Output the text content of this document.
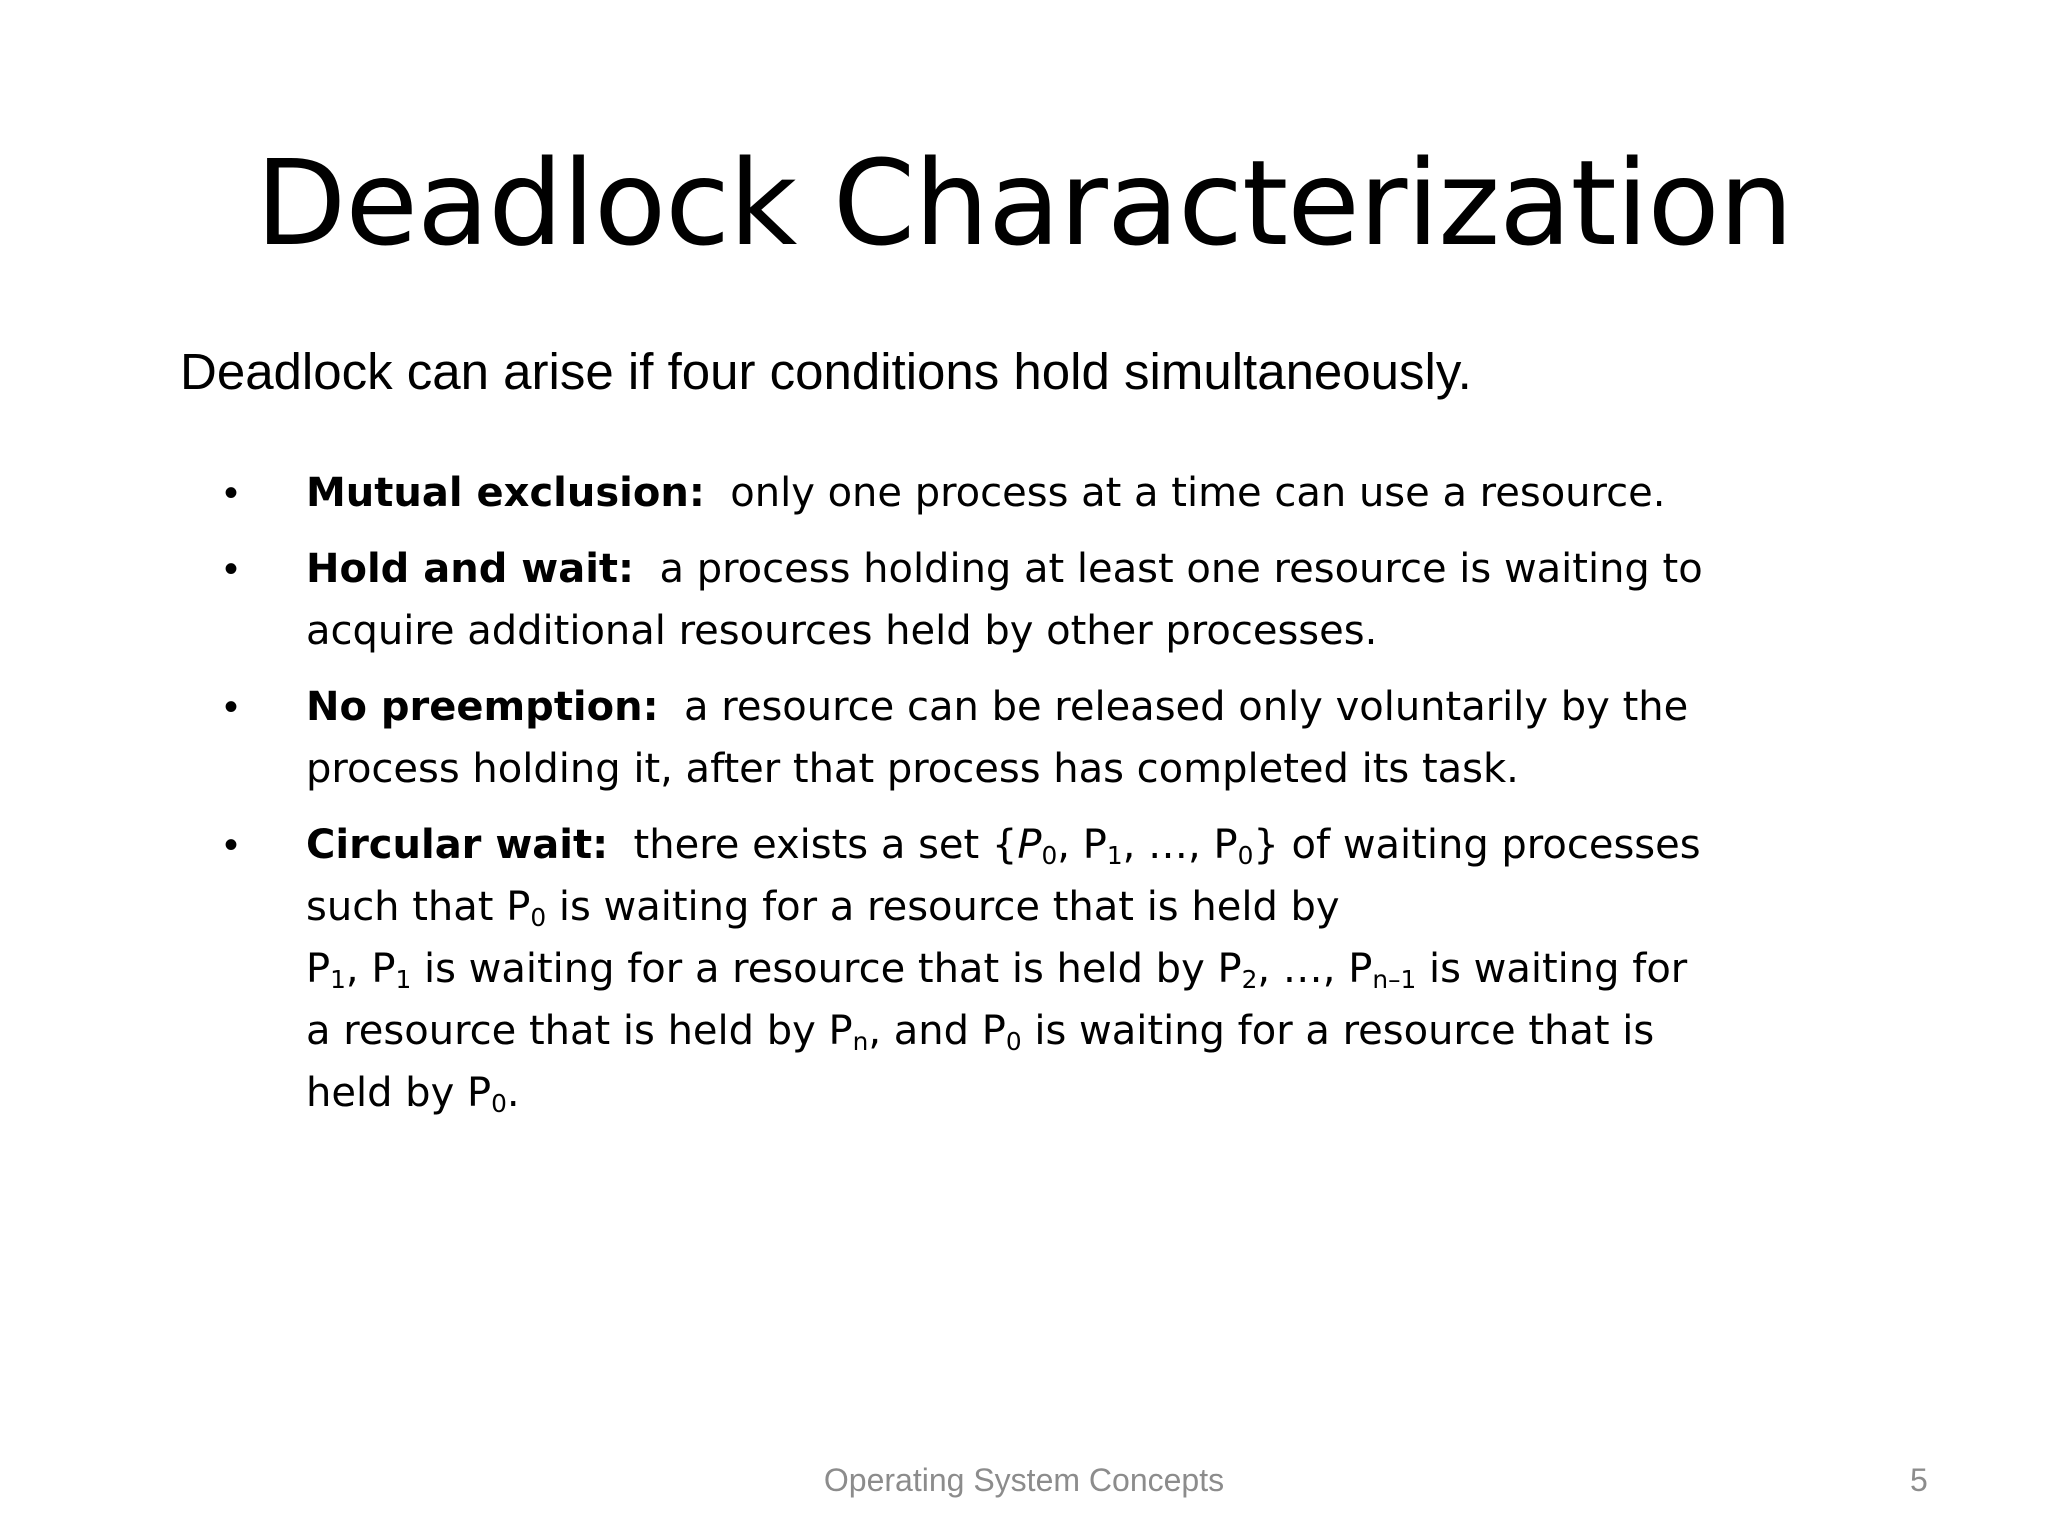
Deadlock Characterization
Deadlock can arise if four conditions hold simultaneously.
• Mutual exclusion: only one process at a time can use a resource.
• Hold and wait: a process holding at least one resource is waiting to
acquire additional resources held by other processes.
• No preemption: a resource can be released only voluntarily by the
process holding it, after that process has completed its task.
• Circular wait: there exists a set {$P_0$, $P_1$, …, $P_0$} of waiting processes
such that $P_0$ is waiting for a resource that is held by
$P_1$, $P_1$ is waiting for a resource that is held by $P_2$, …, $P_{n-1}$ is waiting for
a resource that is held by $P_n$, and $P_0$ is waiting for a resource that is
held by $P_0$.
Operating System Concepts	5
